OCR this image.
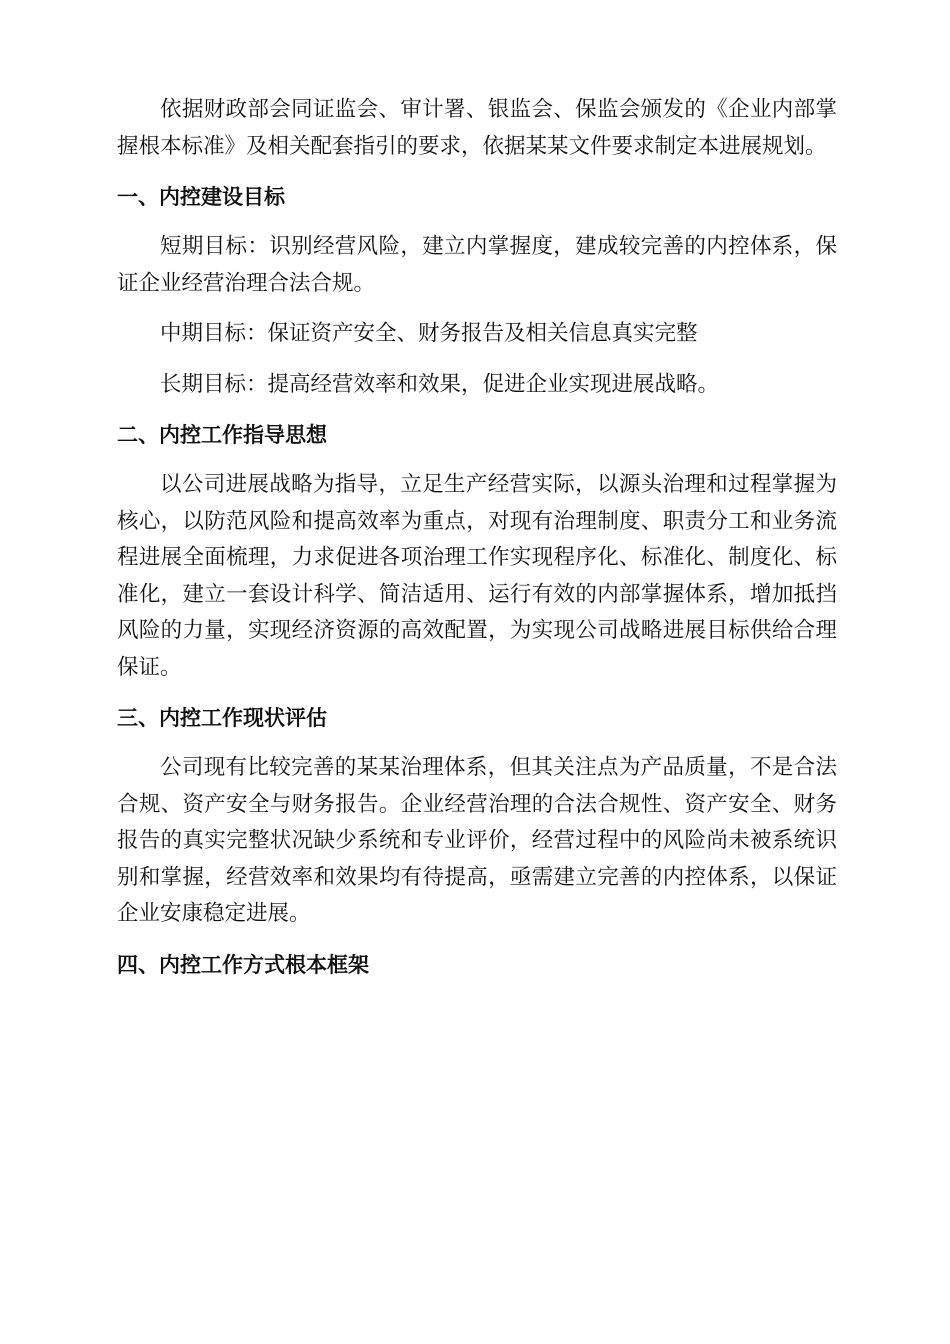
依据财政部会同证监会、审计署、银监会、保监会颁发的《企业内部掌握根本标准》及相关配套指引的要求，依据某某文件要求制定本进展规划。

一、内控建设目标

短期目标：识别经营风险，建立内掌握度，建成较完善的内控体系，保证企业经营治理合法合规。

中期目标：保证资产安全、财务报告及相关信息真实完整

长期目标：提高经营效率和效果，促进企业实现进展战略。

二、内控工作指导思想

以公司进展战略为指导，立足生产经营实际，以源头治理和过程掌握为核心，以防范风险和提高效率为重点，对现有治理制度、职责分工和业务流程进展全面梳理，力求促进各项治理工作实现程序化、标准化、制度化、标准化，建立一套设计科学、简洁适用、运行有效的内部掌握体系，增加抵挡风险的力量，实现经济资源的高效配置，为实现公司战略进展目标供给合理保证。

三、内控工作现状评估

公司现有比较完善的某某治理体系，但其关注点为产品质量，不是合法合规、资产安全与财务报告。企业经营治理的合法合规性、资产安全、财务报告的真实完整状况缺少系统和专业评价，经营过程中的风险尚未被系统识别和掌握，经营效率和效果均有待提高，亟需建立完善的内控体系，以保证企业安康稳定进展。

四、内控工作方式根本框架
